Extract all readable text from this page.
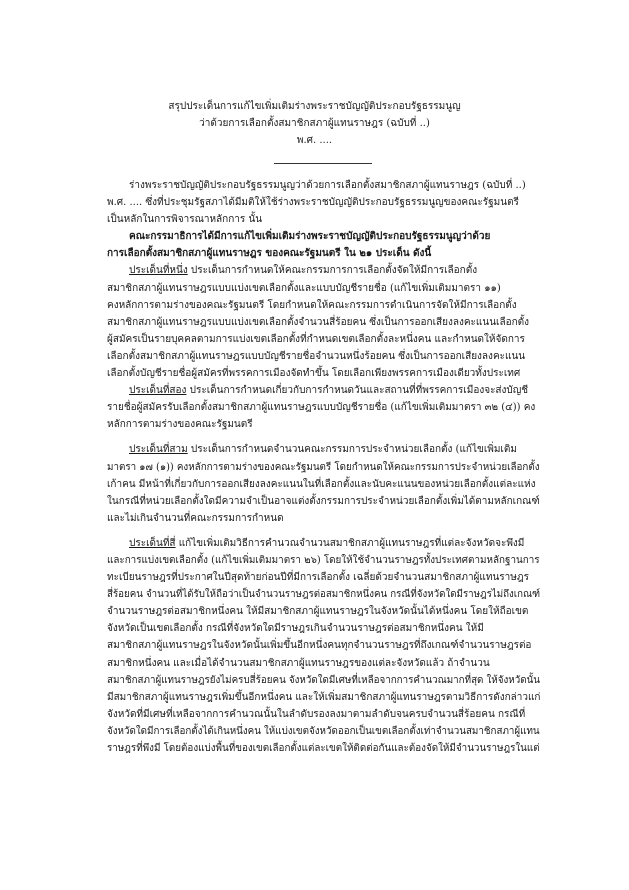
สรุปประเด็นการแก้ไขเพิ่มเติมร่างพระราชบัญญัติประกอบรัฐธรรมนูญ
ว่าด้วยการเลือกตั้งสมาชิกสภาผู้แทนราษฎร (ฉบับที่ ..)
พ.ศ. ....
ร่างพระราชบัญญัติประกอบรัฐธรรมนูญว่าด้วยการเลือกตั้งสมาชิกสภาผู้แทนราษฎร (ฉบับที่ ..)
พ.ศ. .... ซึ่งที่ประชุมรัฐสภาได้มีมติให้ใช้ร่างพระราชบัญญัติประกอบรัฐธรรมนูญของคณะรัฐมนตรี
เป็นหลักในการพิจารณาหลักการ นั้น
คณะกรรมาธิการได้มีการแก้ไขเพิ่มเติมร่างพระราชบัญญัติประกอบรัฐธรรมนูญว่าด้วย
การเลือกตั้งสมาชิกสภาผู้แทนราษฎร ของคณะรัฐมนตรี ใน ๒๑ ประเด็น ดังนี้
ประเด็นที่หนึ่ง ประเด็นการกำหนดให้คณะกรรมการการเลือกตั้งจัดให้มีการเลือกตั้ง
สมาชิกสภาผู้แทนราษฎรแบบแบ่งเขตเลือกตั้งและแบบบัญชีรายชื่อ (แก้ไขเพิ่มเติมมาตรา ๑๑)
คงหลักการตามร่างของคณะรัฐมนตรี โดยกำหนดให้คณะกรรมการดำเนินการจัดให้มีการเลือกตั้ง
สมาชิกสภาผู้แทนราษฎรแบบแบ่งเขตเลือกตั้งจำนวนสี่ร้อยคน ซึ่งเป็นการออกเสียงลงคะแนนเลือกตั้ง
ผู้สมัครเป็นรายบุคคลตามการแบ่งเขตเลือกตั้งที่กำหนดเขตเลือกตั้งละหนึ่งคน และกำหนดให้จัดการ
เลือกตั้งสมาชิกสภาผู้แทนราษฎรแบบบัญชีรายชื่อจำนวนหนึ่งร้อยคน ซึ่งเป็นการออกเสียงลงคะแนน
เลือกตั้งบัญชีรายชื่อผู้สมัครที่พรรคการเมืองจัดทำขึ้น โดยเลือกเพียงพรรคการเมืองเดียวทั้งประเทศ
ประเด็นที่สอง ประเด็นการกำหนดเกี่ยวกับการกำหนดวันและสถานที่ที่พรรคการเมืองจะส่งบัญชี
รายชื่อผู้สมัครรับเลือกตั้งสมาชิกสภาผู้แทนราษฎรแบบบัญชีรายชื่อ (แก้ไขเพิ่มเติมมาตรา ๓๒ (๔)) คง
หลักการตามร่างของคณะรัฐมนตรี
ประเด็นที่สาม ประเด็นการกำหนดจำนวนคณะกรรมการประจำหน่วยเลือกตั้ง (แก้ไขเพิ่มเติม
มาตรา ๑๗ (๑)) คงหลักการตามร่างของคณะรัฐมนตรี โดยกำหนดให้คณะกรรมการประจำหน่วยเลือกตั้ง
เก้าคน มีหน้าที่เกี่ยวกับการออกเสียงลงคะแนนในที่เลือกตั้งและนับคะแนนของหน่วยเลือกตั้งแต่ละแห่ง
ในกรณีที่หน่วยเลือกตั้งใดมีความจำเป็นอาจแต่งตั้งกรรมการประจำหน่วยเลือกตั้งเพิ่มได้ตามหลักเกณฑ์
และไม่เกินจำนวนที่คณะกรรมการกำหนด
ประเด็นที่สี่ แก้ไขเพิ่มเติมวิธีการคำนวณจำนวนสมาชิกสภาผู้แทนราษฎรที่แต่ละจังหวัดจะพึงมี
และการแบ่งเขตเลือกตั้ง (แก้ไขเพิ่มเติมมาตรา ๒๖) โดยให้ใช้จำนวนราษฎรทั้งประเทศตามหลักฐานการ
ทะเบียนราษฎรที่ประกาศในปีสุดท้ายก่อนปีที่มีการเลือกตั้ง เฉลี่ยด้วยจำนวนสมาชิกสภาผู้แทนราษฎร
สี่ร้อยคน จำนวนที่ได้รับให้ถือว่าเป็นจำนวนราษฎรต่อสมาชิกหนึ่งคน กรณีที่จังหวัดใดมีราษฎรไม่ถึงเกณฑ์
จำนวนราษฎรต่อสมาชิกหนึ่งคน ให้มีสมาชิกสภาผู้แทนราษฎรในจังหวัดนั้นได้หนึ่งคน โดยให้ถือเขต
จังหวัดเป็นเขตเลือกตั้ง กรณีที่จังหวัดใดมีราษฎรเกินจำนวนราษฎรต่อสมาชิกหนึ่งคน ให้มี
สมาชิกสภาผู้แทนราษฎรในจังหวัดนั้นเพิ่มขึ้นอีกหนึ่งคนทุกจำนวนราษฎรที่ถึงเกณฑ์จำนวนราษฎรต่อ
สมาชิกหนึ่งคน และเมื่อได้จำนวนสมาชิกสภาผู้แทนราษฎรของแต่ละจังหวัดแล้ว ถ้าจำนวน
สมาชิกสภาผู้แทนราษฎรยังไม่ครบสี่ร้อยคน จังหวัดใดมีเศษที่เหลือจากการคำนวณมากที่สุด ให้จังหวัดนั้น
มีสมาชิกสภาผู้แทนราษฎรเพิ่มขึ้นอีกหนึ่งคน และให้เพิ่มสมาชิกสภาผู้แทนราษฎรตามวิธีการดังกล่าวแก่
จังหวัดที่มีเศษที่เหลือจากการคำนวณนั้นในลำดับรองลงมาตามลำดับจนครบจำนวนสี่ร้อยคน กรณีที่
จังหวัดใดมีการเลือกตั้งได้เกินหนึ่งคน ให้แบ่งเขตจังหวัดออกเป็นเขตเลือกตั้งเท่าจำนวนสมาชิกสภาผู้แทน
ราษฎรที่พึงมี โดยต้องแบ่งพื้นที่ของเขตเลือกตั้งแต่ละเขตให้ติดต่อกันและต้องจัดให้มีจำนวนราษฎรในแต่
